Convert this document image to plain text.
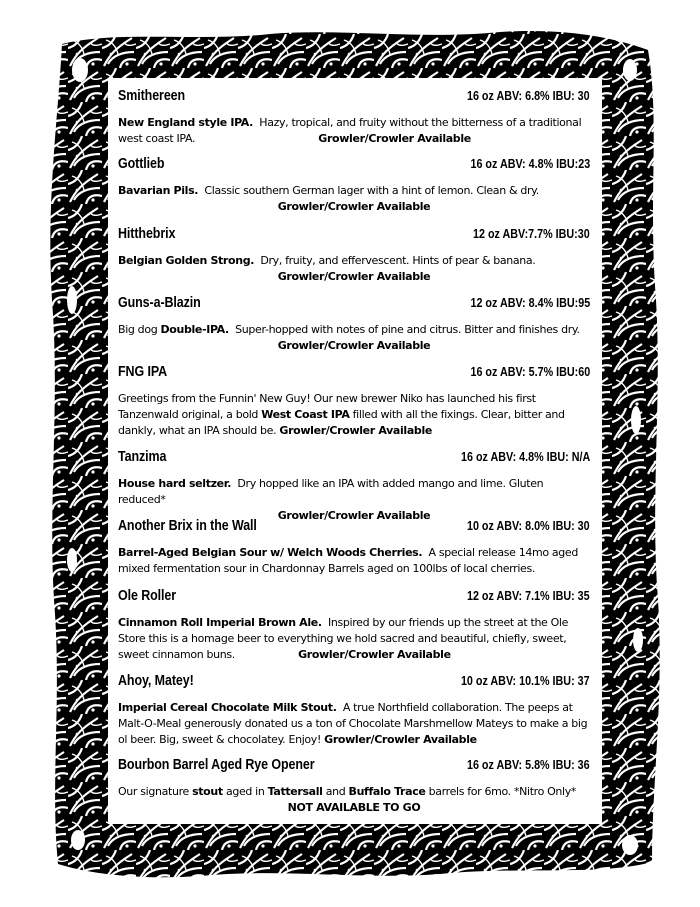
Smithereen	16 oz ABV: 6.8% IBU: 30
New England style IPA. Hazy, tropical, and fruity without the bitterness of a traditional west coast IPA.	Growler/Crowler Available
Gottlieb	16 oz ABV: 4.8% IBU:23
Bavarian Pils. Classic southern German lager with a hint of lemon. Clean & dry.
Growler/Crowler Available
Hitthebrix	12 oz ABV:7.7% IBU:30
Belgian Golden Strong. Dry, fruity, and effervescent. Hints of pear & banana.
Growler/Crowler Available
Guns-a-Blazin	12 oz ABV: 8.4% IBU:95
Big dog Double-IPA. Super-hopped with notes of pine and citrus. Bitter and finishes dry.
Growler/Crowler Available
FNG IPA	16 oz ABV: 5.7% IBU:60
Greetings from the Funnin' New Guy! Our new brewer Niko has launched his first Tanzenwald original, a bold West Coast IPA filled with all the fixings. Clear, bitter and dankly, what an IPA should be. Growler/Crowler Available
Tanzima	16 oz ABV: 4.8% IBU: N/A
House hard seltzer. Dry hopped like an IPA with added mango and lime. Gluten reduced*
Growler/Crowler Available
Another Brix in the Wall	10 oz ABV: 8.0% IBU: 30
Barrel-Aged Belgian Sour w/ Welch Woods Cherries. A special release 14mo aged mixed fermentation sour in Chardonnay Barrels aged on 100lbs of local cherries.
Ole Roller	12 oz ABV: 7.1% IBU: 35
Cinnamon Roll Imperial Brown Ale. Inspired by our friends up the street at the Ole Store this is a homage beer to everything we hold sacred and beautiful, chiefly, sweet, sweet cinnamon buns.	Growler/Crowler Available
Ahoy, Matey!	10 oz ABV: 10.1% IBU: 37
Imperial Cereal Chocolate Milk Stout. A true Northfield collaboration. The peeps at Malt-O-Meal generously donated us a ton of Chocolate Marshmellow Mateys to make a big ol beer. Big, sweet & chocolatey. Enjoy! Growler/Crowler Available
Bourbon Barrel Aged Rye Opener	16 oz ABV: 5.8% IBU: 36
Our signature stout aged in Tattersall and Buffalo Trace barrels for 6mo. *Nitro Only*
NOT AVAILABLE TO GO
